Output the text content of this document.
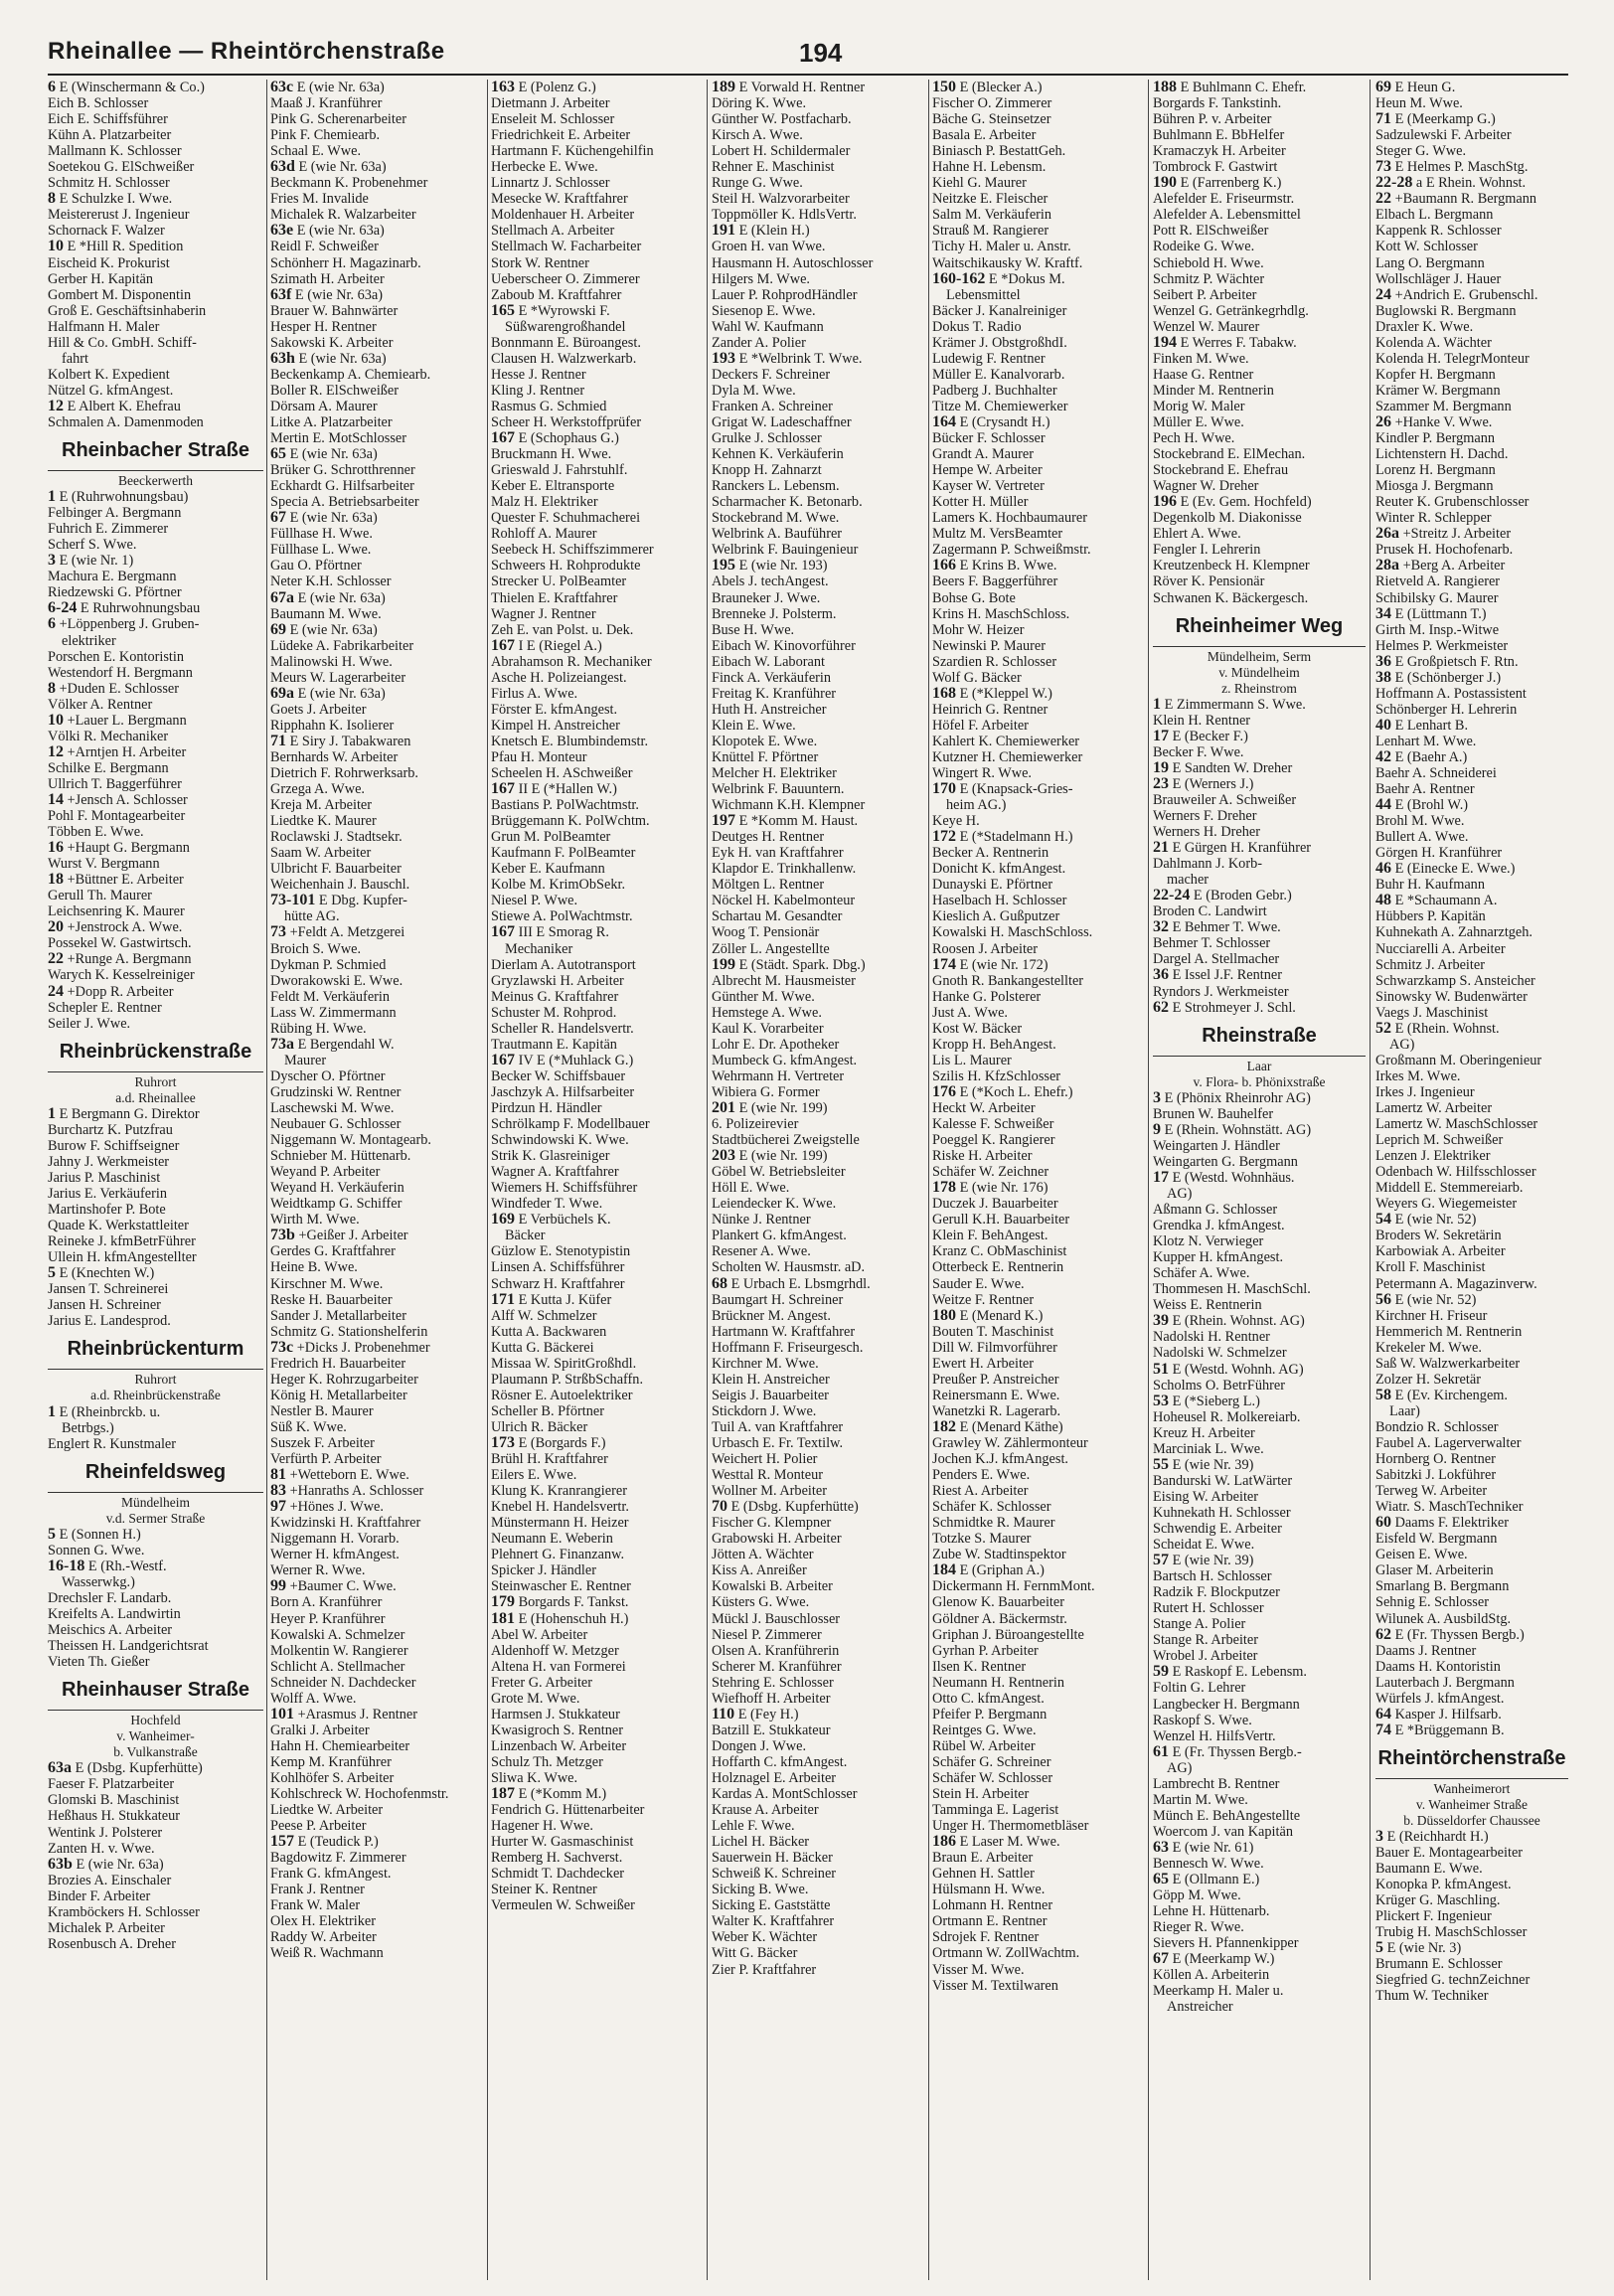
Rheinallee — Rheintörchenstraße	194
6 E (Winschermann & Co.)
Eich B. Schlosser
Eich E. Schiffsführer
Kühn A. Platzarbeiter
Mallmann K. Schlosser
Soetekou G. ElSchweißer
Schmitz H. Schlosser
8 E Schulzke I. Wwe.
Meistererust J. Ingenieur
Schornack F. Walzer
10 E *Hill R. Spedition
Eischeid K. Prokurist
Gerber H. Kapitän
Gombert M. Disponentin
Groß E. Geschäftsinhaberin
Halfmann H. Maler
Hill & Co. GmbH. Schiff-
fahrt
Kolbert K. Expedient
Nützel G. kfmAngest.
12 E Albert K. Ehefrau
Schmalen A. Damenmoden
Rheinbacher Straße
Beeckerwerth
1 E (Ruhrwohnungsbau)
Felbinger A. Bergmann
Fuhrich E. Zimmerer
Scherf S. Wwe.
3 E (wie Nr. 1)
Machura E. Bergmann
Riedzewski G. Pförtner
6-24 E Ruhrwohnungsbau
6 +Löppenberg J. Gruben-
elektriker
Porschen E. Kontoristin
Westendorf H. Bergmann
8 +Duden E. Schlosser
Völker A. Rentner
10 +Lauer L. Bergmann
Völki R. Mechaniker
12 +Arntjen H. Arbeiter
Schilke E. Bergmann
Ullrich T. Baggerführer
14 +Jensch A. Schlosser
Pohl F. Montagearbeiter
Többen E. Wwe.
16 +Haupt G. Bergmann
Wurst V. Bergmann
18 +Büttner E. Arbeiter
Gerull Th. Maurer
Leichsenring K. Maurer
20 +Jenstrock A. Wwe.
Possekel W. Gastwirtsch.
22 +Runge A. Bergmann
Warych K. Kesselreiniger
24 +Dopp R. Arbeiter
Schepler E. Rentner
Seiler J. Wwe.
Rheinbrückenstraße
Ruhrort
a.d. Rheinallee
1 E Bergmann G. Direktor
Burchartz K. Putzfrau
Burow F. Schiffseigner
Jahny J. Werkmeister
Jarius P. Maschinist
Jarius E. Verkäuferin
Martinshofer P. Bote
Quade K. Werkstattleiter
Reineke J. kfmBetrFührer
Ullein H. kfmAngestellter
5 E (Knechten W.)
Jansen T. Schreinerei
Jansen H. Schreiner
Jarius E. Landesprod.
Rheinbrückenturm
Ruhrort
a.d. Rheinbrückenstraße
1 E (Rheinbrckb. u.
Betrbgs.)
Englert R. Kunstmaler
Rheinfeldsweg
Mündelheim
v.d. Sermer Straße
5 E (Sonnen H.)
Sonnen G. Wwe.
16-18 E (Rh.-Westf.
Wasserwkg.)
Drechsler F. Landarb.
Kreifelts A. Landwirtin
Meischics A. Arbeiter
Theissen H. Landgerichtsrat
Vieten Th. Gießer
Rheinhauser Straße
Hochfeld
v. Wanheimer-
b. Vulkanstraße
63a E (Dsbg. Kupferhütte)
Faeser F. Platzarbeiter
Glomski B. Maschinist
Heßhaus H. Stukkateur
Wentink J. Polsterer
Zanten H. v. Wwe.
63b E (wie Nr. 63a)
Brozies A. Einschaler
Binder F. Arbeiter
Kramböckers H. Schlosser
Michalek P. Arbeiter
Rosenbusch A. Dreher
63c E (wie Nr. 63a)
Maaß J. Kranführer
Pink G. Scherenarbeiter
Pink F. Chemiearb.
Schaal E. Wwe.
63d E (wie Nr. 63a)
Beckmann K. Probenehmer
Fries M. Invalide
Michalek R. Walzarbeiter
63e E (wie Nr. 63a)
Reidl F. Schweißer
Schönherr H. Magazinarb.
Szimath H. Arbeiter
63f E (wie Nr. 63a)
Brauer W. Bahnwärter
Hesper H. Rentner
Sakowski K. Arbeiter
63h E (wie Nr. 63a)
Beckenkamp A. Chemiearb.
Boller R. ElSchweißer
Dörsam A. Maurer
Litke A. Platzarbeiter
Mertin E. MotSchlosser
65 E (wie Nr. 63a)
Brüker G. Schrotthrenner
Eckhardt G. Hilfsarbeiter
Specia A. Betriebsarbeiter
67 E (wie Nr. 63a)
Füllhase H. Wwe.
Füllhase L. Wwe.
Gau O. Pförtner
Neter K.H. Schlosser
67a E (wie Nr. 63a)
Baumann M. Wwe.
69 E (wie Nr. 63a)
Lüdeke A. Fabrikarbeiter
Malinowski H. Wwe.
Meurs W. Lagerarbeiter
69a E (wie Nr. 63a)
Goets J. Arbeiter
Ripphahn K. Isolierer
71 E Siry J. Tabakwaren
Bernhards W. Arbeiter
Dietrich F. Rohrwerksarb.
Grzega A. Wwe.
Kreja M. Arbeiter
Liedtke K. Maurer
Roclawski J. Stadtsekr.
Saam W. Arbeiter
Ulbricht F. Bauarbeiter
Weichenhain J. Bauschl.
73-101 E Dbg. Kupfer-
hütte AG.
73 +Feldt A. Metzgerei
Broich S. Wwe.
Dykman P. Schmied
Dworakowski E. Wwe.
Feldt M. Verkäuferin
Lass W. Zimmermann
Rübing H. Wwe.
73a E Bergendahl W.
Maurer
Dyscher O. Pförtner
Grudzinski W. Rentner
Laschewski M. Wwe.
Neubauer G. Schlosser
Niggemann W. Montagearb.
Schnieber M. Hüttenarb.
Weyand P. Arbeiter
Weyand H. Verkäuferin
Weidtkamp G. Schiffer
Wirth M. Wwe.
73b +Geißer J. Arbeiter
Gerdes G. Kraftfahrer
Heine B. Wwe.
Kirschner M. Wwe.
Reske H. Bauarbeiter
Sander J. Metallarbeiter
Schmitz G. Stationshelferin
73c +Dicks J. Probenehmer
Fredrich H. Bauarbeiter
Heger K. Rohrzugarbeiter
König H. Metallarbeiter
Nestler B. Maurer
Süß K. Wwe.
Suszek F. Arbeiter
Verfürth P. Arbeiter
81 +Wetteborn E. Wwe.
83 +Hanraths A. Schlosser
97 +Hönes J. Wwe.
Kwidzinski H. Kraftfahrer
Niggemann H. Vorarb.
Werner H. kfmAngest.
Werner R. Wwe.
99 +Baumer C. Wwe.
Born A. Kranführer
Heyer P. Kranführer
Kowalski A. Schmelzer
Molkentin W. Rangierer
Schlicht A. Stellmacher
Schneider N. Dachdecker
Wolff A. Wwe.
101 +Arasmus J. Rentner
Gralki J. Arbeiter
Hahn H. Chemiearbeiter
Kemp M. Kranführer
Kohlhöfer S. Arbeiter
Kohlschreck W. Hochofenmstr.
Liedtke W. Arbeiter
Peese P. Arbeiter
157 E (Teudick P.)
Bagdowitz F. Zimmerer
Frank G. kfmAngest.
Frank J. Rentner
Frank W. Maler
Olex H. Elektriker
Raddy W. Arbeiter
Weiß R. Wachmann
163 E (Polenz G.)
Dietmann J. Arbeiter
Enseleit M. Schlosser
Friedrichkeit E. Arbeiter
Hartmann F. Küchengehilfin
Herbecke E. Wwe.
Linnartz J. Schlosser
Mesecke W. Kraftfahrer
Moldenhauer H. Arbeiter
Stellmach A. Arbeiter
Stellmach W. Facharbeiter
Stork W. Rentner
Ueberscheer O. Zimmerer
Zaboub M. Kraftfahrer
165 E *Wyrowski F.
Süßwarengroßhandel
Bonnmann E. Büroangest.
Clausen H. Walzwerkarb.
Hesse J. Rentner
Kling J. Rentner
Rasmus G. Schmied
Scheer H. Werkstoffprüfer
167 E (Schophaus G.)
Bruckmann H. Wwe.
Grieswald J. Fahrstuhlf.
Keber E. Eltransporte
Malz H. Elektriker
Quester F. Schuhmacherei
Rohloff A. Maurer
Seebeck H. Schiffszimmerer
Schweers H. Rohprodukte
Strecker U. PolBeamter
Thielen E. Kraftfahrer
Wagner J. Rentner
Zeh E. van Polst. u. Dek.
167 I E (Riegel A.)
Abrahamson R. Mechaniker
Asche H. Polizeiangest.
Firlus A. Wwe.
Förster E. kfmAngest.
Kimpel H. Anstreicher
Knetsch E. Blumbindemstr.
Pfau H. Monteur
Scheelen H. ASchweißer
167 II E (*Hallen W.)
Bastians P. PolWachtmstr.
Brüggemann K. PolWchtm.
Grun M. PolBeamter
Kaufmann F. PolBeamter
Keber E. Kaufmann
Kolbe M. KrimObSekr.
Niesel P. Wwe.
Stiewe A. PolWachtmstr.
167 III E Smorag R.
Mechaniker
Dierlam A. Autotransport
Gryzlawski H. Arbeiter
Meinus G. Kraftfahrer
Schuster M. Rohprod.
Scheller R. Handelsvertr.
Trautmann E. Kapitän
167 IV E (*Muhlack G.)
Becker W. Schiffsbauer
Jaschzyk A. Hilfsarbeiter
Pirdzun H. Händler
Schrölkamp F. Modellbauer
Schwindowski K. Wwe.
Strik K. Glasreiniger
Wagner A. Kraftfahrer
Wiemers H. Schiffsführer
Windfeder T. Wwe.
169 E Verbüchels K.
Bäcker
Güzlow E. Stenotypistin
Linsen A. Schiffsführer
Schwarz H. Kraftfahrer
171 E Kutta J. Küfer
Alff W. Schmelzer
Kutta A. Backwaren
Kutta G. Bäckerei
Missaa W. SpiritGroßhdl.
Plaumann P. StrßbSchaffn.
Rösner E. Autoelektriker
Scheller B. Pförtner
Ulrich R. Bäcker
173 E (Borgards F.)
Brühl H. Kraftfahrer
Eilers E. Wwe.
Klung K. Kranrangierer
Knebel H. Handelsvertr.
Münstermann H. Heizer
Neumann E. Weberin
Plehnert G. Finanzanw.
Spicker J. Händler
Steinwascher E. Rentner
179 Borgards F. Tankst.
181 E (Hohenschuh H.)
Abel W. Arbeiter
Aldenhoff W. Metzger
Altena H. van Formerei
Freter G. Arbeiter
Grote M. Wwe.
Harmsen J. Stukkateur
Kwasigroch S. Rentner
Linzenbach W. Arbeiter
Schulz Th. Metzger
Sliwa K. Wwe.
187 E (*Komm M.)
Fendrich G. Hüttenarbeiter
Hagener H. Wwe.
Hurter W. Gasmaschinist
Remberg H. Sachverst.
Schmidt T. Dachdecker
Steiner K. Rentner
Vermeulen W. Schweißer
189 E Vorwald H. Rentner
Döring K. Wwe.
Günther W. Postfacharb.
Kirsch A. Wwe.
Lobert H. Schildermaler
Rehner E. Maschinist
Runge G. Wwe.
Steil H. Walzvorarbeiter
Toppmöller K. HdlsVertr.
191 E (Klein H.)
Groen H. van Wwe.
Hausmann H. Autoschlosser
Hilgers M. Wwe.
Lauer P. RohprodHändler
Siesenop E. Wwe.
Wahl W. Kaufmann
Zander A. Polier
193 E *Welbrink T. Wwe.
Deckers F. Schreiner
Dyla M. Wwe.
Franken A. Schreiner
Grigat W. Ladeschaffner
Grulke J. Schlosser
Kehnen K. Verkäuferin
Knopp H. Zahnarzt
Ranckers L. Lebensm.
Scharmacher K. Betonarb.
Stockebrand M. Wwe.
Welbrink A. Bauführer
Welbrink F. Bauingenieur
195 E (wie Nr. 193)
Abels J. techAngest.
Brauneker J. Wwe.
Brenneke J. Polsterm.
Buse H. Wwe.
Eibach W. Kinovorführer
Eibach W. Laborant
Finck A. Verkäuferin
Freitag K. Kranführer
Huth H. Anstreicher
Klein E. Wwe.
Klopotek E. Wwe.
Knüttel F. Pförtner
Melcher H. Elektriker
Welbrink F. Bauuntern.
Wichmann K.H. Klempner
197 E *Komm M. Haust.
Deutges H. Rentner
Eyk H. van Kraftfahrer
Klapdor E. Trinkhallenw.
Möltgen L. Rentner
Nöckel H. Kabelmonteur
Schartau M. Gesandter
Woog T. Pensionär
Zöller L. Angestellte
199 E (Städt. Spark. Dbg.)
Albrecht M. Hausmeister
Günther M. Wwe.
Hemstege A. Wwe.
Kaul K. Vorarbeiter
Lohr E. Dr. Apotheker
Mumbeck G. kfmAngest.
Wehrmann H. Vertreter
Wibiera G. Former
201 E (wie Nr. 199)
6. Polizeirevier
Stadtbücherei Zweigstelle
203 E (wie Nr. 199)
Göbel W. Betriebsleiter
Höll E. Wwe.
Leiendecker K. Wwe.
Nünke J. Rentner
Plankert G. kfmAngest.
Resener A. Wwe.
Scholten W. Hausmstr. aD.
68 E Urbach E. Lbsmgrhdl.
Baumgart H. Schreiner
Brückner M. Angest.
Hartmann W. Kraftfahrer
Hoffmann F. Friseurgesch.
Kirchner M. Wwe.
Klein H. Anstreicher
Seigis J. Bauarbeiter
Stickdorn J. Wwe.
Tuil A. van Kraftfahrer
Urbasch E. Fr. Textilw.
Weichert H. Polier
Westtal R. Monteur
Wollner M. Arbeiter
70 E (Dsbg. Kupferhütte)
Fischer G. Klempner
Grabowski H. Arbeiter
Jötten A. Wächter
Kiss A. Anreißer
Kowalski B. Arbeiter
Küsters G. Wwe.
Mückl J. Bauschlosser
Niesel P. Zimmerer
Olsen A. Kranführerin
Scherer M. Kranführer
Stehring E. Schlosser
Wiefhoff H. Arbeiter
110 E (Fey H.)
Batzill E. Stukkateur
Dongen J. Wwe.
Hoffarth C. kfmAngest.
Holznagel E. Arbeiter
Kardas A. MontSchlosser
Krause A. Arbeiter
Lehle F. Wwe.
Lichel H. Bäcker
Sauerwein H. Bäcker
Schweiß K. Schreiner
Sicking B. Wwe.
Sicking E. Gaststätte
Walter K. Kraftfahrer
Weber K. Wächter
Witt G. Bäcker
Zier P. Kraftfahrer
150 E (Blecker A.)
Fischer O. Zimmerer
Bäche G. Steinsetzer
Basala E. Arbeiter
Biniasch P. BestattGeh.
Hahne H. Lebensm.
Kiehl G. Maurer
Neitzke E. Fleischer
Salm M. Verkäuferin
Strauß M. Rangierer
Tichy H. Maler u. Anstr.
Waitschikausky W. Kraftf.
160-162 E *Dokus M.
Lebensmittel
Bäcker J. Kanalreiniger
Dokus T. Radio
Krämer J. ObstgroßhdI.
Ludewig F. Rentner
Müller E. Kanalvorarb.
Padberg J. Buchhalter
Titze M. Chemiewerker
164 E (Crysandt H.)
Bücker F. Schlosser
Grandt A. Maurer
Hempe W. Arbeiter
Kayser W. Vertreter
Kotter H. Müller
Lamers K. Hochbaumaurer
Multz M. VersBeamter
Zagermann P. Schweißmstr.
166 E Krins B. Wwe.
Beers F. Baggerführer
Bohse G. Bote
Krins H. MaschSchloss.
Mohr W. Heizer
Newinski P. Maurer
Szardien R. Schlosser
Wolf G. Bäcker
168 E (*Kleppel W.)
Heinrich G. Rentner
Höfel F. Arbeiter
Kahlert K. Chemiewerker
Kutzner H. Chemiewerker
Wingert R. Wwe.
170 E (Knapsack-Gries-
heim AG.)
Keye H.
172 E (*Stadelmann H.)
Becker A. Rentnerin
Donicht K. kfmAngest.
Dunayski E. Pförtner
Haselbach H. Schlosser
Kieslich A. Gußputzer
Kowalski H. MaschSchloss.
Roosen J. Arbeiter
174 E (wie Nr. 172)
Gnoth R. Bankangestellter
Hanke G. Polsterer
Just A. Wwe.
Kost W. Bäcker
Kropp H. BehAngest.
Lis L. Maurer
Szilis H. KfzSchlosser
176 E (*Koch L. Ehefr.)
Heckt W. Arbeiter
Kalesse F. Schweißer
Poeggel K. Rangierer
Riske H. Arbeiter
Schäfer W. Zeichner
178 E (wie Nr. 176)
Duczek J. Bauarbeiter
Gerull K.H. Bauarbeiter
Klein F. BehAngest.
Kranz C. ObMaschinist
Otterbeck E. Rentnerin
Sauder E. Wwe.
Weitze F. Rentner
180 E (Menard K.)
Bouten T. Maschinist
Dill W. Filmvorführer
Ewert H. Arbeiter
Preußer P. Anstreicher
Reinersmann E. Wwe.
Wanetzki R. Lagerarb.
182 E (Menard Käthe)
Grawley W. Zählermonteur
Jochen K.J. kfmAngest.
Penders E. Wwe.
Riest A. Arbeiter
Schäfer K. Schlosser
Schmidtke R. Maurer
Totzke S. Maurer
Zube W. Stadtinspektor
184 E (Griphan A.)
Dickermann H. FernmMont.
Glenow K. Bauarbeiter
Göldner A. Bäckermstr.
Griphan J. Büroangestellte
Gyrhan P. Arbeiter
Ilsen K. Rentner
Neumann H. Rentnerin
Otto C. kfmAngest.
Pfeifer P. Bergmann
Reintges G. Wwe.
Rübel W. Arbeiter
Schäfer G. Schreiner
Schäfer W. Schlosser
Stein H. Arbeiter
Tamminga E. Lagerist
Unger H. Thermometbläser
186 E Laser M. Wwe.
Braun E. Arbeiter
Gehnen H. Sattler
Hülsmann H. Wwe.
Lohmann H. Rentner
Ortmann E. Rentner
Sdrojek F. Rentner
Ortmann W. ZollWachtm.
Visser M. Wwe.
Visser M. Textilwaren
188 E Buhlmann C. Ehefr.
Borgards F. Tankstinh.
Bühren P. v. Arbeiter
Buhlmann E. BbHelfer
Kramaczyk H. Arbeiter
Tombrock F. Gastwirt
190 E (Farrenberg K.)
Alefelder E. Friseurmstr.
Alefelder A. Lebensmittel
Pott R. ElSchweißer
Rodeike G. Wwe.
Schiebold H. Wwe.
Schmitz P. Wächter
Seibert P. Arbeiter
Wenzel G. Getränkegrhdlg.
Wenzel W. Maurer
194 E Werres F. Tabakw.
Finken M. Wwe.
Haase G. Rentner
Minder M. Rentnerin
Morig W. Maler
Müller E. Wwe.
Pech H. Wwe.
Stockebrand E. ElMechan.
Stockebrand E. Ehefrau
Wagner W. Dreher
196 E (Ev. Gem. Hochfeld)
Degenkolb M. Diakonisse
Ehlert A. Wwe.
Fengler I. Lehrerin
Kreutzenbeck H. Klempner
Röver K. Pensionär
Schwanen K. Bäckergesch.
Rheinheimer Weg
Mündelheim, Serm
v. Mündelheim
z. Rheinstrom
1 E Zimmermann S. Wwe.
Klein H. Rentner
17 E (Becker F.)
Becker F. Wwe.
19 E Sandten W. Dreher
23 E (Werners J.)
Brauweiler A. Schweißer
Werners F. Dreher
Werners H. Dreher
21 E Gürgen H. Kranführer
Dahlmann J. Korb-
macher
22-24 E (Broden Gebr.)
Broden C. Landwirt
32 E Behmer T. Wwe.
Behmer T. Schlosser
Dargel A. Stellmacher
36 E Issel J.F. Rentner
Ryndors J. Werkmeister
62 E Strohmeyer J. Schl.
Rheinstraße
Laar
v. Flora- b. Phönixstraße
3 E (Phönix Rheinrohr AG)
Brunen W. Bauhelfer
9 E (Rhein. Wohnstätt. AG)
Weingarten J. Händler
Weingarten G. Bergmann
17 E (Westd. Wohnhäus.
AG)
Aßmann G. Schlosser
Grendka J. kfmAngest.
Klotz N. Verwieger
Kupper H. kfmAngest.
Schäfer A. Wwe.
Thommesen H. MaschSchl.
Weiss E. Rentnerin
39 E (Rhein. Wohnst. AG)
Nadolski H. Rentner
Nadolski W. Schmelzer
51 E (Westd. Wohnh. AG)
Scholms O. BetrFührer
53 E (*Sieberg L.)
Hoheusel R. Molkereiarb.
Kreuz H. Arbeiter
Marciniak L. Wwe.
55 E (wie Nr. 39)
Bandurski W. LatWärter
Eising W. Arbeiter
Kuhnekath H. Schlosser
Schwendig E. Arbeiter
Scheidat E. Wwe.
57 E (wie Nr. 39)
Bartsch H. Schlosser
Radzik F. Blockputzer
Rutert H. Schlosser
Stange A. Polier
Stange R. Arbeiter
Wrobel J. Arbeiter
59 E Raskopf E. Lebensm.
Foltin G. Lehrer
Langbecker H. Bergmann
Raskopf S. Wwe.
Wenzel H. HilfsVertr.
61 E (Fr. Thyssen Bergb.-
AG)
Lambrecht B. Rentner
Martin M. Wwe.
Münch E. BehAngestellte
Woercom J. van Kapitän
63 E (wie Nr. 61)
Bennesch W. Wwe.
65 E (Ollmann E.)
Göpp M. Wwe.
Lehne H. Hüttenarb.
Rieger R. Wwe.
Sievers H. Pfannenkipper
67 E (Meerkamp W.)
Köllen A. Arbeiterin
Meerkamp H. Maler u.
Anstreicher
69 E Heun G.
Heun M. Wwe.
71 E (Meerkamp G.)
Sadzulewski F. Arbeiter
Steger G. Wwe.
73 E Helmes P. MaschStg.
22-28 a E Rhein. Wohnst.
22 +Baumann R. Bergmann
Elbach L. Bergmann
Kappenk R. Schlosser
Kott W. Schlosser
Lang O. Bergmann
Wollschläger J. Hauer
24 +Andrich E. Grubenschl.
Buglowski R. Bergmann
Draxler K. Wwe.
Kolenda A. Wächter
Kolenda H. TelegrMonteur
Kopfer H. Bergmann
Krämer W. Bergmann
Szammer M. Bergmann
26 +Hanke V. Wwe.
Kindler P. Bergmann
Lichtenstern H. Dachd.
Lorenz H. Bergmann
Miosga J. Bergmann
Reuter K. Grubenschlosser
Winter R. Schlepper
26a +Streitz J. Arbeiter
Prusek H. Hochofenarb.
28a +Berg A. Arbeiter
Rietveld A. Rangierer
Schibilsky G. Maurer
34 E (Lüttmann T.)
Girth M. Insp.-Witwe
Helmes P. Werkmeister
36 E Großpietsch F. Rtn.
38 E (Schönberger J.)
Hoffmann A. Postassistent
Schönberger H. Lehrerin
40 E Lenhart B.
Lenhart M. Wwe.
42 E (Baehr A.)
Baehr A. Schneiderei
Baehr A. Rentner
44 E (Brohl W.)
Brohl M. Wwe.
Bullert A. Wwe.
Görgen H. Kranführer
46 E (Einecke E. Wwe.)
Buhr H. Kaufmann
48 E *Schaumann A.
Hübbers P. Kapitän
Kuhnekath A. Zahnarztgeh.
Nucciarelli A. Arbeiter
Schmitz J. Arbeiter
Schwarzkamp S. Ansteicher
Sinowsky W. Budenwärter
Vaegs J. Maschinist
52 E (Rhein. Wohnst.
AG)
Großmann M. Oberingenieur
Irkes M. Wwe.
Irkes J. Ingenieur
Lamertz W. Arbeiter
Lamertz W. MaschSchlosser
Leprich M. Schweißer
Lenzen J. Elektriker
Odenbach W. Hilfsschlosser
Middell E. Stemmereiarb.
Weyers G. Wiegemeister
54 E (wie Nr. 52)
Broders W. Sekretärin
Karbowiak A. Arbeiter
Kroll F. Maschinist
Petermann A. Magazinverw.
56 E (wie Nr. 52)
Kirchner H. Friseur
Hemmerich M. Rentnerin
Krekeler M. Wwe.
Saß W. Walzwerkarbeiter
Zolzer H. Sekretär
58 E (Ev. Kirchengem.
Laar)
Bondzio R. Schlosser
Faubel A. Lagerverwalter
Hornberg O. Rentner
Sabitzki J. Lokführer
Terweg W. Arbeiter
Wiatr. S. MaschTechniker
60 Daams F. Elektriker
Eisfeld W. Bergmann
Geisen E. Wwe.
Glaser M. Arbeiterin
Smarlang B. Bergmann
Sehnig E. Schlosser
Wilunek A. AusbildStg.
62 E (Fr. Thyssen Bergb.)
Daams J. Rentner
Daams H. Kontoristin
Lauterbach J. Bergmann
Würfels J. kfmAngest.
64 Kasper J. Hilfsarb.
74 E *Brüggemann B.
Rheintörchenstraße
Wanheimerort
v. Wanheimer Straße
b. Düsseldorfer Chaussee
3 E (Reichhardt H.)
Bauer E. Montagearbeiter
Baumann E. Wwe.
Konopka P. kfmAngest.
Krüger G. Maschling.
Plickert F. Ingenieur
Trubig H. MaschSchlosser
5 E (wie Nr. 3)
Brumann E. Schlosser
Siegfried G. technZeichner
Thum W. Techniker
